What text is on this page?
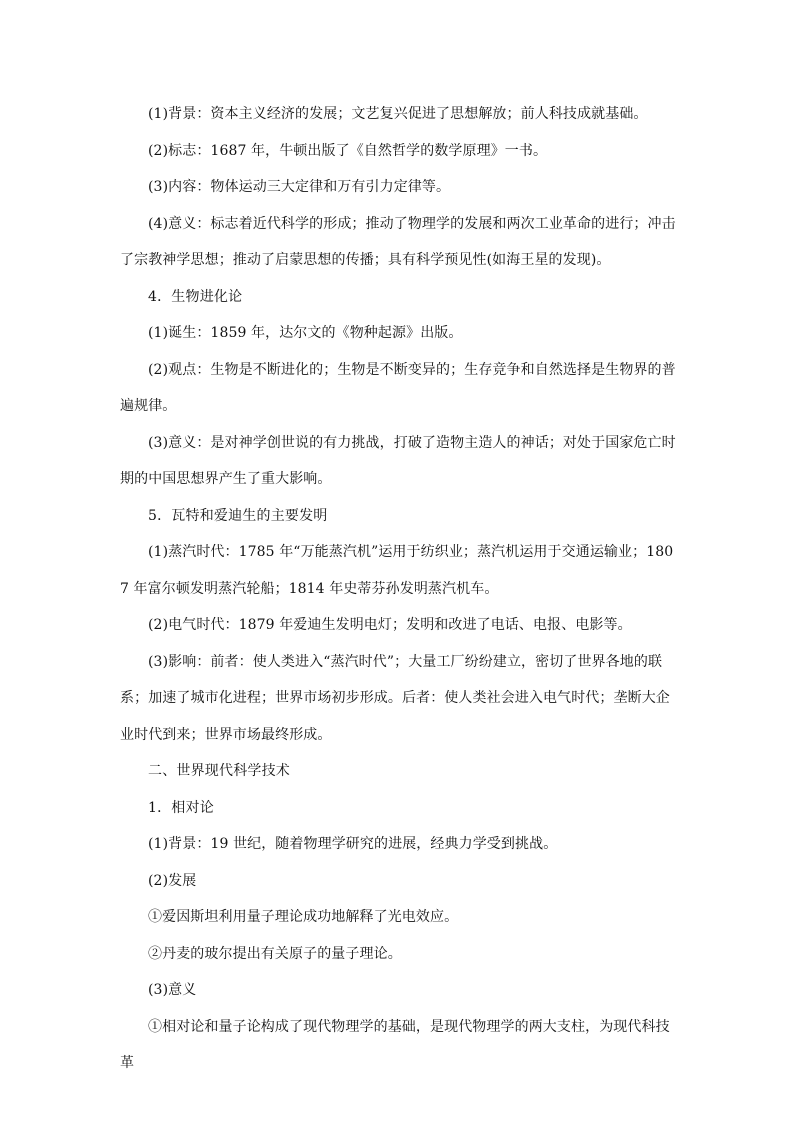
(1)背景：资本主义经济的发展；文艺复兴促进了思想解放；前人科技成就基础。

(2)标志：1687 年，牛顿出版了《自然哲学的数学原理》一书。

(3)内容：物体运动三大定律和万有引力定律等。

(4)意义：标志着近代科学的形成；推动了物理学的发展和两次工业革命的进行；冲击了宗教神学思想；推动了启蒙思想的传播；具有科学预见性(如海王星的发现)。

4．生物进化论

(1)诞生：1859 年，达尔文的《物种起源》出版。

(2)观点：生物是不断进化的；生物是不断变异的；生存竞争和自然选择是生物界的普遍规律。

(3)意义：是对神学创世说的有力挑战，打破了造物主造人的神话；对处于国家危亡时期的中国思想界产生了重大影响。

5．瓦特和爱迪生的主要发明

(1)蒸汽时代：1785 年“万能蒸汽机”运用于纺织业；蒸汽机运用于交通运输业；1807 年富尔顿发明蒸汽轮船；1814 年史蒂芬孙发明蒸汽机车。

(2)电气时代：1879 年爱迪生发明电灯；发明和改进了电话、电报、电影等。

(3)影响：前者：使人类进入“蒸汽时代”；大量工厂纷纷建立，密切了世界各地的联系；加速了城市化进程；世界市场初步形成。后者：使人类社会进入电气时代；垄断大企业时代到来；世界市场最终形成。

二、世界现代科学技术

1．相对论

(1)背景：19 世纪，随着物理学研究的进展，经典力学受到挑战。

(2)发展

①爱因斯坦利用量子理论成功地解释了光电效应。

②丹麦的玻尔提出有关原子的量子理论。

(3)意义

①相对论和量子论构成了现代物理学的基础，是现代物理学的两大支柱，为现代科技革
